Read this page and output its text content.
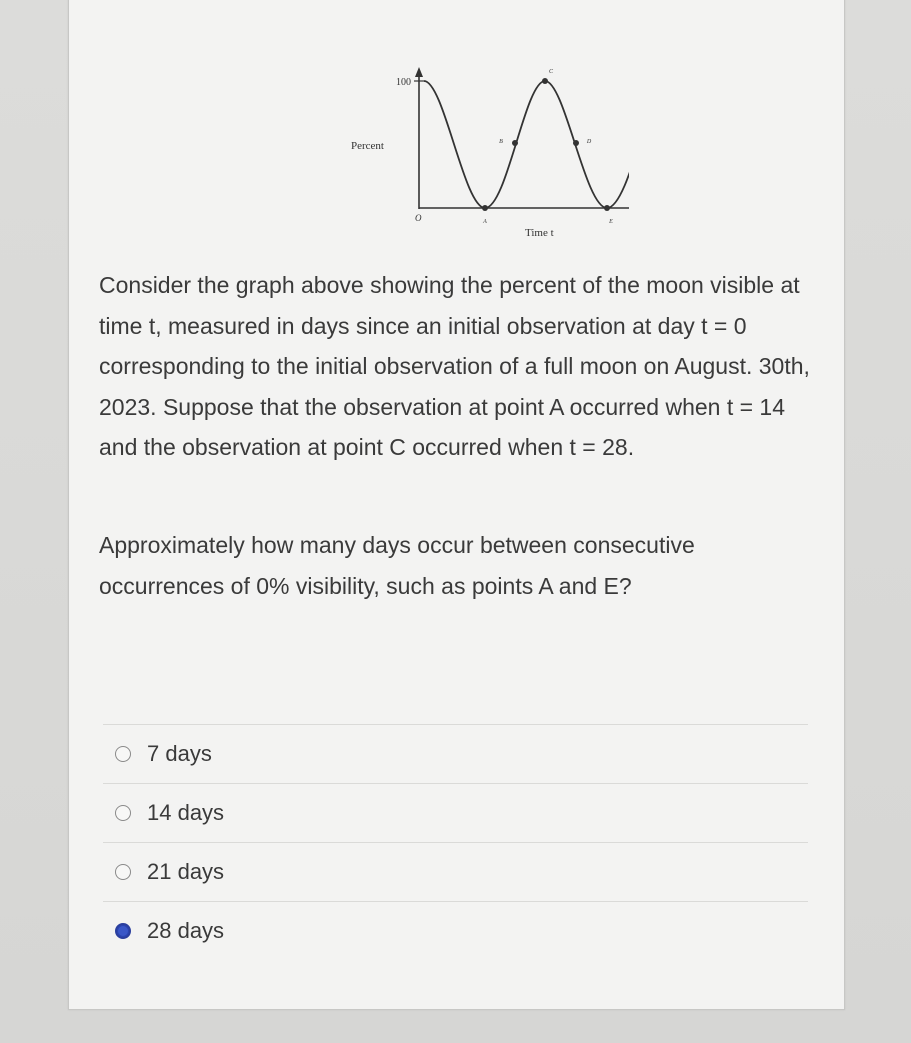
100
Percent
Time t
O	A
B
C
D
E

Consider the graph above showing the percent of the moon visible at time t, measured in days since an initial observation at day t = 0 corresponding to the initial observation of a full moon on August. 30th, 2023. Suppose that the observation at point A occurred when t = 14 and the observation at point C occurred when t = 28.

Approximately how many days occur between consecutive occurrences of 0% visibility, such as points A and E?

7 days
14 days
21 days
28 days
